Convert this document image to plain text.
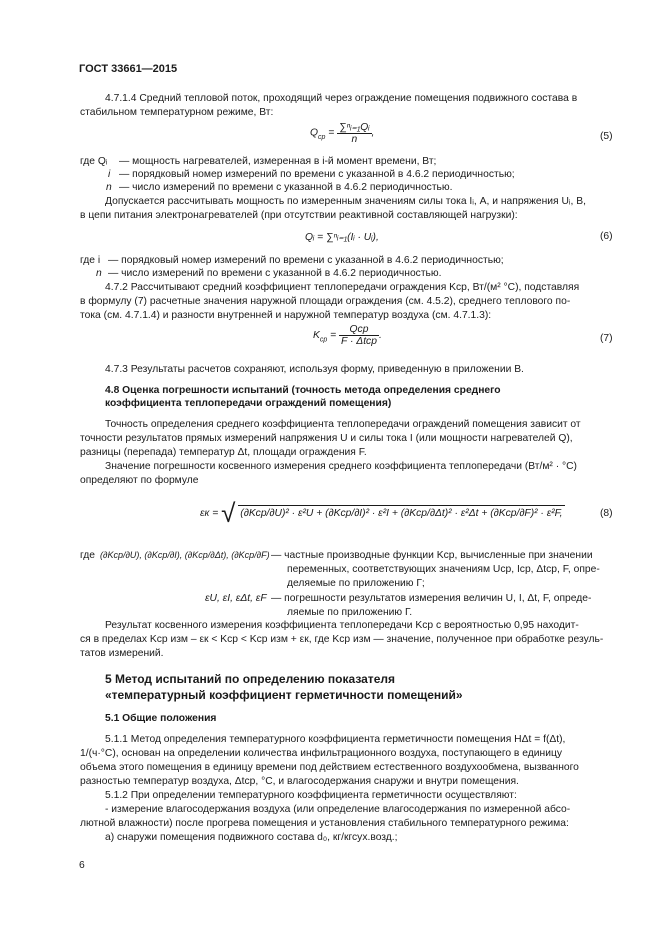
ГОСТ 33661—2015
4.7.1.4 Средний тепловой поток, проходящий через ограждение помещения подвижного состава в
стабильном температурном режиме, Вт:
$Q_{ср} = \frac{\text{∑ⁿᵢ₌₁Qᵢ}}{n}$ ,	(5)
где Qᵢ — мощность нагревателей, измеренная в i-й момент времени, Вт;
i — порядковый номер измерений по времени с указанной в 4.6.2 периодичностью;
n — число измерений по времени с указанной в 4.6.2 периодичностью.
Допускается рассчитывать мощность по измеренным значениям силы тока Iᵢ, А, и напряжения Uᵢ, В,
в цепи питания электронагревателей (при отсутствии реактивной составляющей нагрузки):
Qᵢ = ∑ⁿᵢ₌₁(Iᵢ · Uᵢ),	(6)
где i — порядковый номер измерений по времени с указанной в 4.6.2 периодичностью;
n — число измерений по времени с указанной в 4.6.2 периодичностью.
4.7.2 Рассчитывают средний коэффициент теплопередачи ограждения Kср, Вт/(м² °C), подставляя
в формулу (7) расчетные значения наружной площади ограждения (см. 4.5.2), среднего теплового по-
тока (см. 4.7.1.4) и разности внутренней и наружной температур воздуха (см. 4.7.1.3):
$K_{ср} = \frac{\text{Qср}}{\text{F · Δtср}}$ .	(7)
4.7.3 Результаты расчетов сохраняют, используя форму, приведенную в приложении В.
4.8 Оценка погрешности испытаний (точность метода определения среднего
коэффициента теплопередачи ограждений помещения)
Точность определения среднего коэффициента теплопередачи ограждений помещения зависит от
точности результатов прямых измерений напряжения U и силы тока I (или мощности нагревателей Q),
разницы (перепада) температур Δt, площади ограждения F.
Значение погрешности косвенного измерения среднего коэффициента теплопередачи (Вт/м² · °С)
определяют по формуле
εк = √ (∂Kср/∂U)² · ε²U + (∂Kср/∂I)² · ε²I + (∂Kср/∂Δt)² · ε²Δt + (∂Kср/∂F)² · ε²F,	(8)
где (∂Kср/∂U), (∂Kср/∂I), (∂Kср/∂Δt), (∂Kср/∂F) — частные производные функции Kср, вычисленные при значении
переменных, соответствующих значениям Uср, Iср, Δtср, F, опре-
деляемые по приложению Г;
εU, εI, εΔt, εF — погрешности результатов измерения величин U, I, Δt, F, опреде-
ляемые по приложению Г.
Результат косвенного измерения коэффициента теплопередачи Kср с вероятностью 0,95 находит-
ся в пределах Kср изм – εк < Kср < Kср изм + εк, где Kср изм — значение, полученное при обработке резуль-
татов измерений.
5 Метод испытаний по определению показателя
«температурный коэффициент герметичности помещений»
5.1 Общие положения
5.1.1 Метод определения температурного коэффициента герметичности помещения HΔt = f(Δt),
1/(ч·°С), основан на определении количества инфильтрационного воздуха, поступающего в единицу
объема этого помещения в единицу времени под действием естественного воздухообмена, вызванного
разностью температур воздуха, Δtср, °С, и влагосодержания снаружи и внутри помещения.
5.1.2 При определении температурного коэффициента герметичности осуществляют:
- измерение влагосодержания воздуха (или определение влагосодержания по измеренной абсо-
лютной влажности) после прогрева помещения и установления стабильного температурного режима:
а) снаружи помещения подвижного состава d₀, кг/кгсух.возд.;
6
